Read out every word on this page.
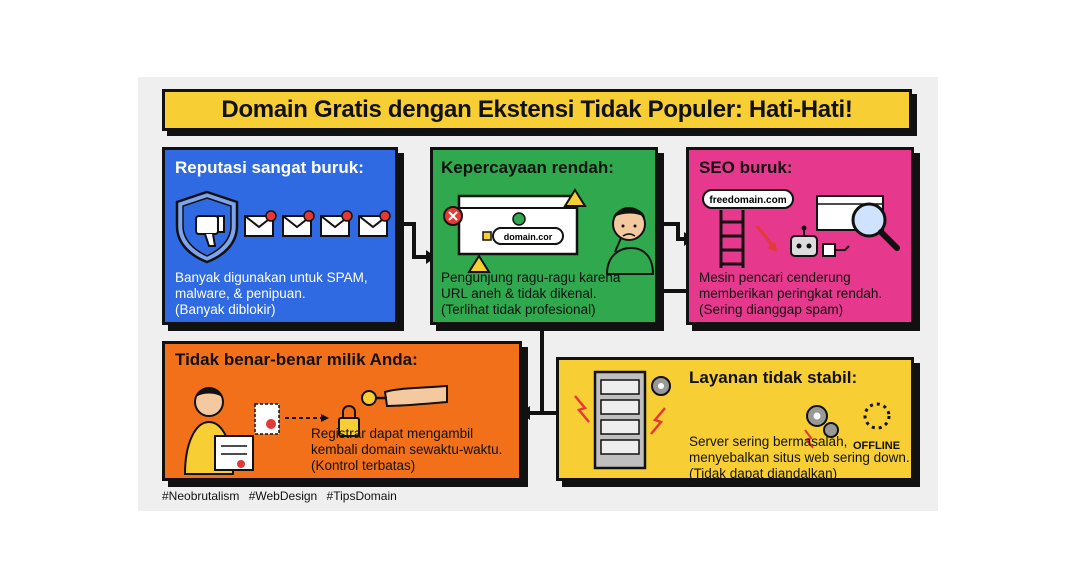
Domain Gratis dengan Ekstensi Tidak Populer: Hati-Hati!
Reputasi sangat buruk:
Banyak digunakan untuk SPAM,
malware, & penipuan.
(Banyak diblokir)
Kepercayaan rendah:
domain.cor
Pengunjung ragu-ragu karena
URL aneh & tidak dikenal.
(Terlihat tidak profesional)
SEO buruk:
freedomain.com
Mesin pencari cenderung
memberikan peringkat rendah.
(Sering dianggap spam)
Tidak benar-benar milik Anda:
Registrar dapat mengambil
kembali domain sewaktu-waktu.
(Kontrol terbatas)
Layanan tidak stabil:
OFFLINE
Server sering bermasalah,
menyebalkan situs web sering down.
(Tidak dapat diandalkan)
#Neobrutalism #WebDesign #TipsDomain
